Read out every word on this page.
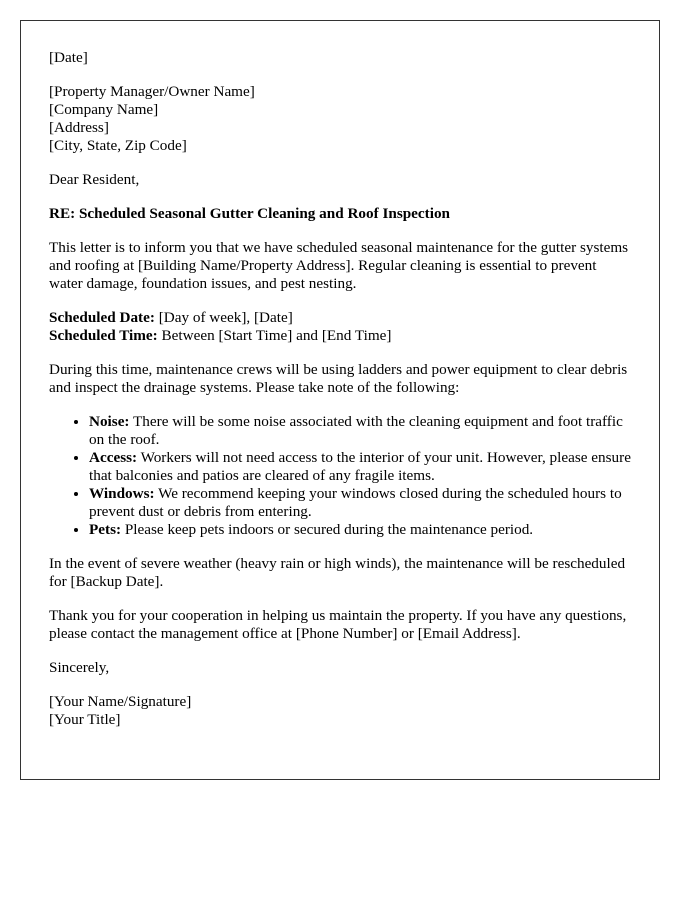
[Date]
[Property Manager/Owner Name]
[Company Name]
[Address]
[City, State, Zip Code]
Dear Resident,
RE: Scheduled Seasonal Gutter Cleaning and Roof Inspection

This letter is to inform you that we have scheduled seasonal maintenance for the gutter systems and roofing at [Building Name/Property Address]. Regular cleaning is essential to prevent water damage, foundation issues, and pest nesting.

Scheduled Date: [Day of week], [Date]
Scheduled Time: Between [Start Time] and [End Time]

During this time, maintenance crews will be using ladders and power equipment to clear debris and inspect the drainage systems. Please take note of the following:

• Noise: There will be some noise associated with the cleaning equipment and foot traffic on the roof.
• Access: Workers will not need access to the interior of your unit. However, please ensure that balconies and patios are cleared of any fragile items.
• Windows: We recommend keeping your windows closed during the scheduled hours to prevent dust or debris from entering.
• Pets: Please keep pets indoors or secured during the maintenance period.

In the event of severe weather (heavy rain or high winds), the maintenance will be rescheduled for [Backup Date].

Thank you for your cooperation in helping us maintain the property. If you have any questions, please contact the management office at [Phone Number] or [Email Address].

Sincerely,
[Your Name/Signature]
[Your Title]
